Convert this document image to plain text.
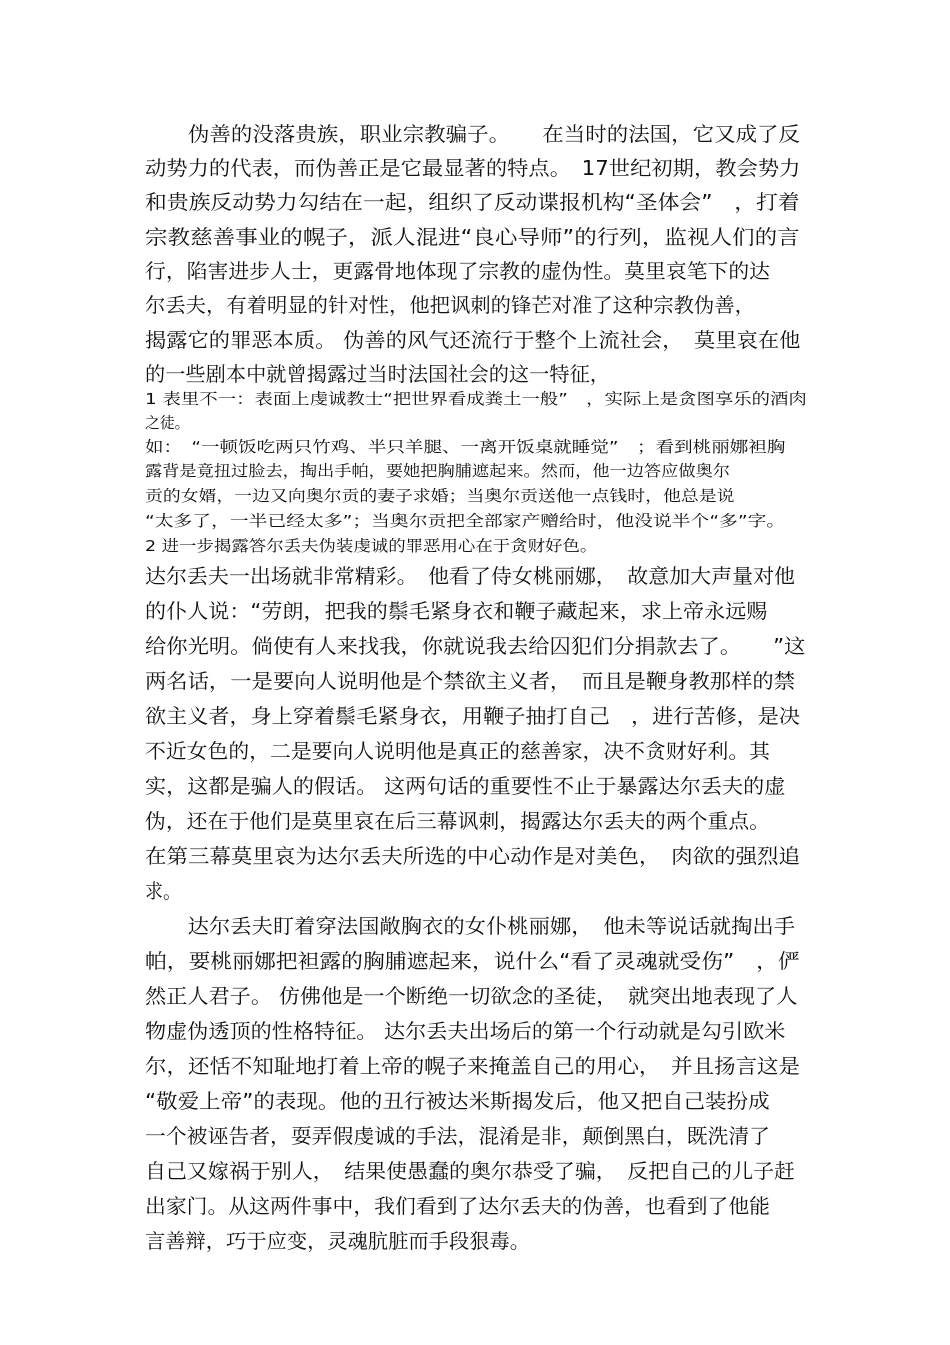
　　伪善的没落贵族，职业宗教骗子。　　在当时的法国，它又成了反

动势力的代表，而伪善正是它最显著的特点。　17世纪初期，教会势力

和贵族反动势力勾结在一起，组织了反动谍报机构“圣体会”　，打着

宗教慈善事业的幌子，派人混进“良心导师”的行列，监视人们的言

行，陷害进步人士，更露骨地体现了宗教的虚伪性。莫里哀笔下的达

尔丢夫，有着明显的针对性，他把讽刺的锋芒对准了这种宗教伪善，

揭露它的罪恶本质。 伪善的风气还流行于整个上流社会，　莫里哀在他

的一些剧本中就曾揭露过当时法国社会的这一特征，

1 表里不一：表面上虔诚教士“把世界看成粪土一般”　，实际上是贪图享乐的酒肉

之徒。

如：　“一顿饭吃两只竹鸡、半只羊腿、一离开饭桌就睡觉”　；看到桃丽娜袒胸

露背是竟扭过脸去，掏出手帕，要她把胸脯遮起来。然而，他一边答应做奥尔

贡的女婿，一边又向奥尔贡的妻子求婚；当奥尔贡送他一点钱时，他总是说

“太多了，一半已经太多”；当奥尔贡把全部家产赠给时，他没说半个“多”字。

2 进一步揭露答尔丢夫伪装虔诚的罪恶用心在于贪财好色。

达尔丢夫一出场就非常精彩。　他看了侍女桃丽娜，　故意加大声量对他

的仆人说：“劳朗，把我的鬃毛紧身衣和鞭子藏起来，求上帝永远赐

给你光明。倘使有人来找我，你就说我去给囚犯们分捐款去了。　　”这

两名话，一是要向人说明他是个禁欲主义者，　而且是鞭身教那样的禁

欲主义者，身上穿着鬃毛紧身衣，用鞭子抽打自己　，进行苦修，是决

不近女色的，二是要向人说明他是真正的慈善家，决不贪财好利。其

实，这都是骗人的假话。 这两句话的重要性不止于暴露达尔丢夫的虚

伪，还在于他们是莫里哀在后三幕讽刺，揭露达尔丢夫的两个重点。

在第三幕莫里哀为达尔丢夫所选的中心动作是对美色，　肉欲的强烈追

求。

　　达尔丢夫盯着穿法国敞胸衣的女仆桃丽娜，　他未等说话就掏出手

帕，要桃丽娜把袒露的胸脯遮起来，说什么“看了灵魂就受伤”　，俨

然正人君子。 仿佛他是一个断绝一切欲念的圣徒，　就突出地表现了人

物虚伪透顶的性格特征。 达尔丢夫出场后的第一个行动就是勾引欧米

尔，还恬不知耻地打着上帝的幌子来掩盖自己的用心，　并且扬言这是

“敬爱上帝”的表现。他的丑行被达米斯揭发后，他又把自己装扮成

一个被诬告者，耍弄假虔诚的手法，混淆是非，颠倒黑白，既洗清了

自己又嫁祸于别人，　结果使愚蠢的奥尔恭受了骗，　反把自己的儿子赶

出家门。从这两件事中，我们看到了达尔丢夫的伪善，也看到了他能

言善辩，巧于应变，灵魂肮脏而手段狠毒。
